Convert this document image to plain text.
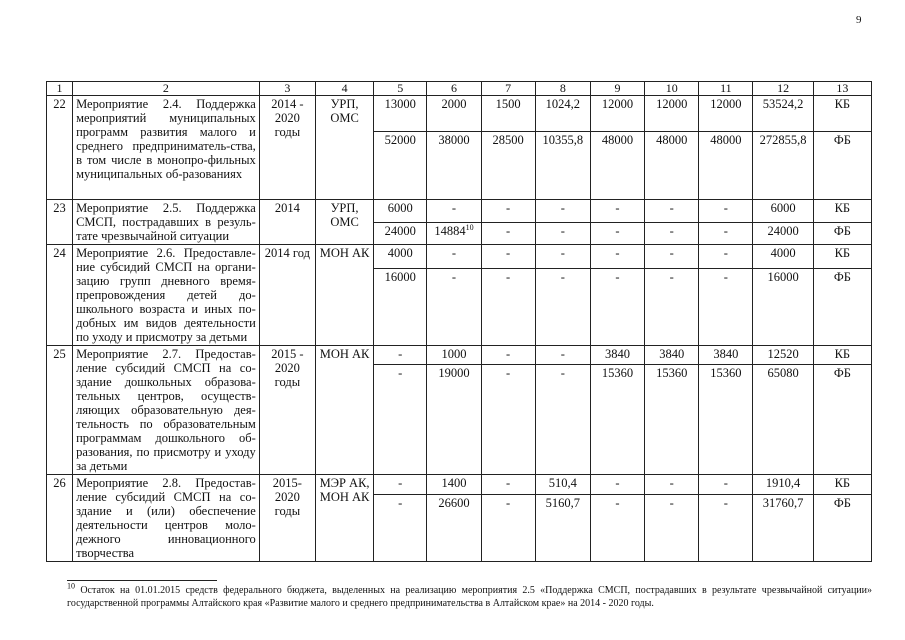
9
1	2	3	4	5	6	7	8	9	10	11	12	13
22	Мероприятие 2.4. Поддержка мероприятий муниципальных программ развития малого и среднего предприниматель-ства, в том числе в монопро-фильных муниципальных об-разованиях	2014 - 2020 годы	УРП, ОМС	13000	2000	1500	1024,2	12000	12000	12000	53524,2	КБ
				52000	38000	28500	10355,8	48000	48000	48000	272855,8	ФБ
23	Мероприятие 2.5. Поддержка СМСП, пострадавших в резуль-тате чрезвычайной ситуации	2014	УРП, ОМС	6000	-	-	-	-	-	-	6000	КБ
				24000	14884$^{10}$	-	-	-	-	-	24000	ФБ
24	Мероприятие 2.6. Предоставле-ние субсидий СМСП на органи-зацию групп дневного время-препровождения детей до-школьного возраста и иных по-добных им видов деятельности по уходу и присмотру за детьми	2014 год	МОН АК	4000	-	-	-	-	-	-	4000	КБ
				16000	-	-	-	-	-	-	16000	ФБ
25	Мероприятие 2.7. Предостав-ление субсидий СМСП на со-здание дошкольных образова-тельных центров, осуществ-ляющих образовательную дея-тельность по образовательным программам дошкольного об-разования, по присмотру и уходу за детьми	2015 - 2020 годы	МОН АК	-	1000	-	-	3840	3840	3840	12520	КБ
				-	19000	-	-	15360	15360	15360	65080	ФБ
26	Мероприятие 2.8. Предостав-ление субсидий СМСП на со-здание и (или) обеспечение деятельности центров моло-дежного инновационного творчества	2015- 2020 годы	МЭР АК, МОН АК	-	1400	-	510,4	-	-	-	1910,4	КБ
				-	26600	-	5160,7	-	-	-	31760,7	ФБ
$^{10}$ Остаток на 01.01.2015 средств федерального бюджета, выделенных на реализацию мероприятия 2.5 «Поддержка СМСП, пострадавших в результате чрезвычайной ситуации» государственной программы Алтайского края «Развитие малого и среднего предпринимательства в Алтайском крае» на 2014 - 2020 годы.
